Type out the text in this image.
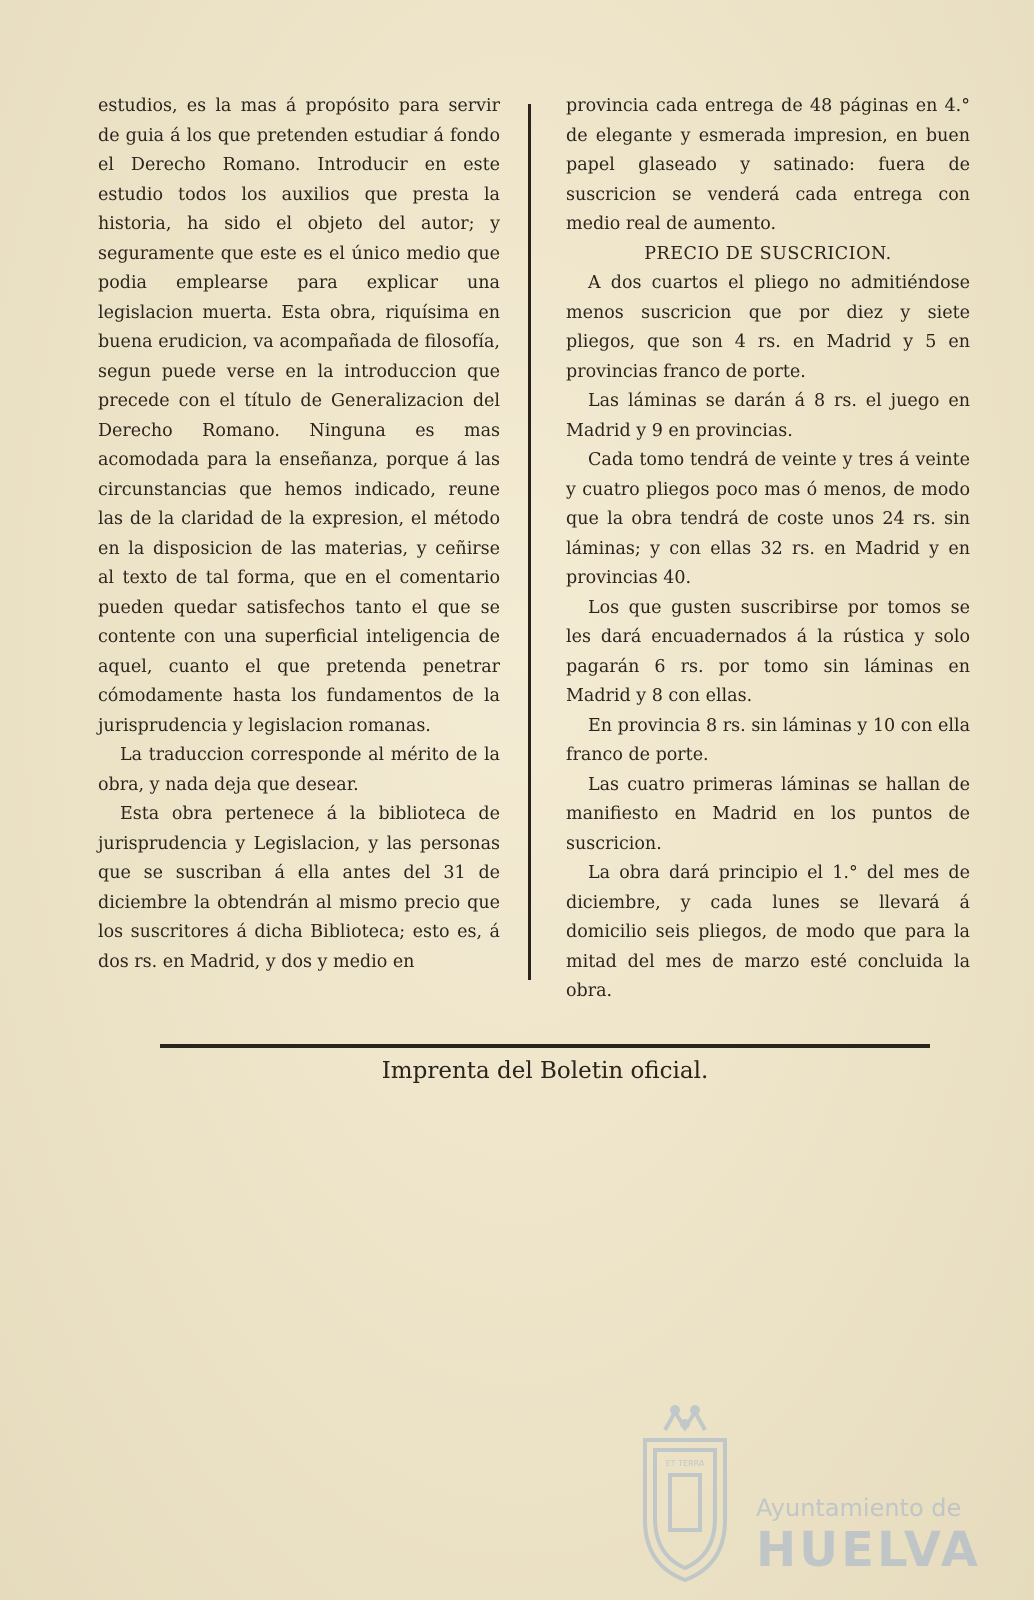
estudios, es la mas á propósito para servir de guia á los que pretenden estudiar á fondo el Derecho Romano. Introducir en este estudio todos los auxilios que presta la historia, ha sido el objeto del autor; y seguramente que este es el único medio que podia emplearse para explicar una legislacion muerta. Esta obra, riquísima en buena erudicion, va acompañada de filosofía, segun puede verse en la introduccion que precede con el título de Generalizacion del Derecho Romano. Ninguna es mas acomodada para la enseñanza, porque á las circunstancias que hemos indicado, reune las de la claridad de la expresion, el método en la disposicion de las materias, y ceñirse al texto de tal forma, que en el comentario pueden quedar satisfechos tanto el que se contente con una superficial inteligencia de aquel, cuanto el que pretenda penetrar cómodamente hasta los fundamentos de la jurisprudencia y legislacion romanas.

La traduccion corresponde al mérito de la obra, y nada deja que desear.

Esta obra pertenece á la biblioteca de jurisprudencia y Legislacion, y las personas que se suscriban á ella antes del 31 de diciembre la obtendrán al mismo precio que los suscritores á dicha Biblioteca; esto es, á dos rs. en Madrid, y dos y medio en

provincia cada entrega de 48 páginas en 4.° de elegante y esmerada impresion, en buen papel glaseado y satinado: fuera de suscricion se venderá cada entrega con medio real de aumento.

PRECIO DE SUSCRICION.

A dos cuartos el pliego no admitiéndose menos suscricion que por diez y siete pliegos, que son 4 rs. en Madrid y 5 en provincias franco de porte.

Las láminas se darán á 8 rs. el juego en Madrid y 9 en provincias.

Cada tomo tendrá de veinte y tres á veinte y cuatro pliegos poco mas ó menos, de modo que la obra tendrá de coste unos 24 rs. sin láminas; y con ellas 32 rs. en Madrid y en provincias 40.

Los que gusten suscribirse por tomos se les dará encuadernados á la rústica y solo pagarán 6 rs. por tomo sin láminas en Madrid y 8 con ellas.

En provincia 8 rs. sin láminas y 10 con ella franco de porte.

Las cuatro primeras láminas se hallan de manifiesto en Madrid en los puntos de suscricion.

La obra dará principio el 1.° del mes de diciembre, y cada lunes se llevará á domicilio seis pliegos, de modo que para la mitad del mes de marzo esté concluida la obra.

Imprenta del Boletin oficial.
ET TERRA
Ayuntamiento de
HUELVA
